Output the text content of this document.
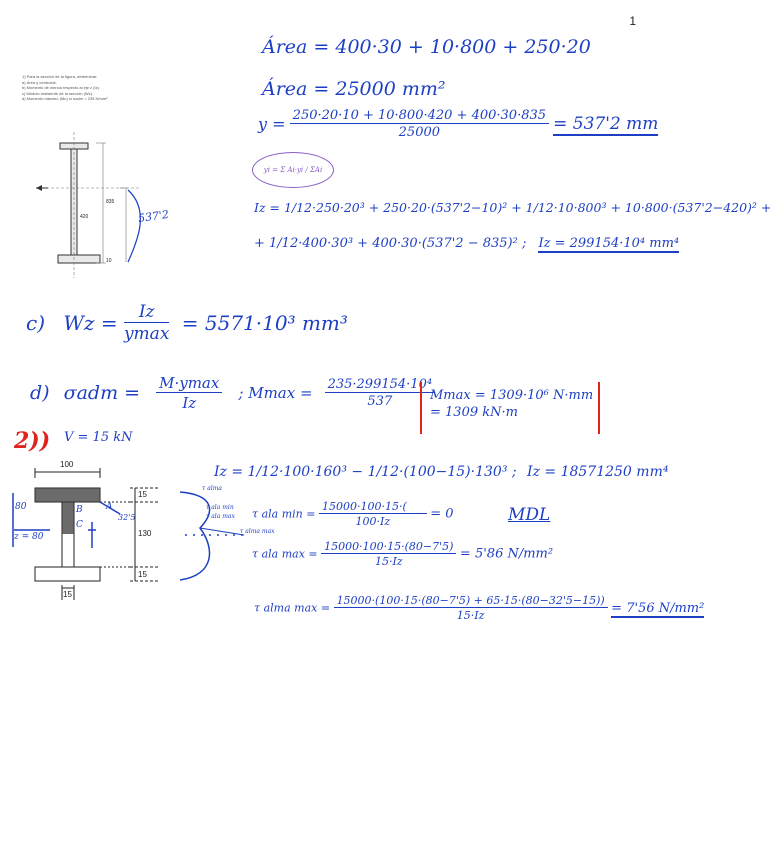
1
1) Para la sección de la figura, determinar:
a) Área y centroide.
b) Momento de inercia respecto al eje z (Iz).
c) Módulo resistente de la sección (Wz).
d) Momento máximo (Mu) si σadm = 235 N/mm²
835
420
10
537'2
Área = 400·30 + 10·800 + 250·20
Área = 25000 mm²
$y = \frac{250\cdot 20\cdot 10 + 10\cdot 800\cdot 420 + 400\cdot 30\cdot 835}{25000} = 537'2$ mm
yi = Σ Ai·yi / ΣAi
Iz = 1/12·250·20³ + 250·20·(537'2−10)² + 1/12·10·800³ + 10·800·(537'2−420)² +
+ 1/12·400·30³ + 400·30·(537'2 − 835)² ; Iz = 299154·10⁴ mm⁴
c) Wz =	Iz
ymax = 5571·10³ mm³
d) σadm = M·ymax
Iz
; $Mmax = \frac{\text{235·299154·10⁴}}{537}$
Mmax = 1309·10⁶ N·mm
= 1309 kN·m
2)) V = 15 kN
100
15
130
15
15
A
B
C
80
z = 80
32'5
τ alma
τ ala min
τ ala max
τ alma max
Iz = 1/12·100·160³ − 1/12·(100−15)·130³ ; Iz = 18571250 mm⁴
τ ala $\min = \frac{15000\cdot 100\cdot 15\cdot(}{100\cdot Iz} = 0$	MDL
τ ala $\max = \frac{15000\cdot 100\cdot 15\cdot(80-7'5)}{15\cdot Iz} = 5'86$ N/mm²
τ alma $\max = \frac{15000\cdot(100\cdot 15\cdot(80-7'5) + 65\cdot 15\cdot(80-32'5-15))}{15\cdot Iz} = 7'56$ N/mm²
